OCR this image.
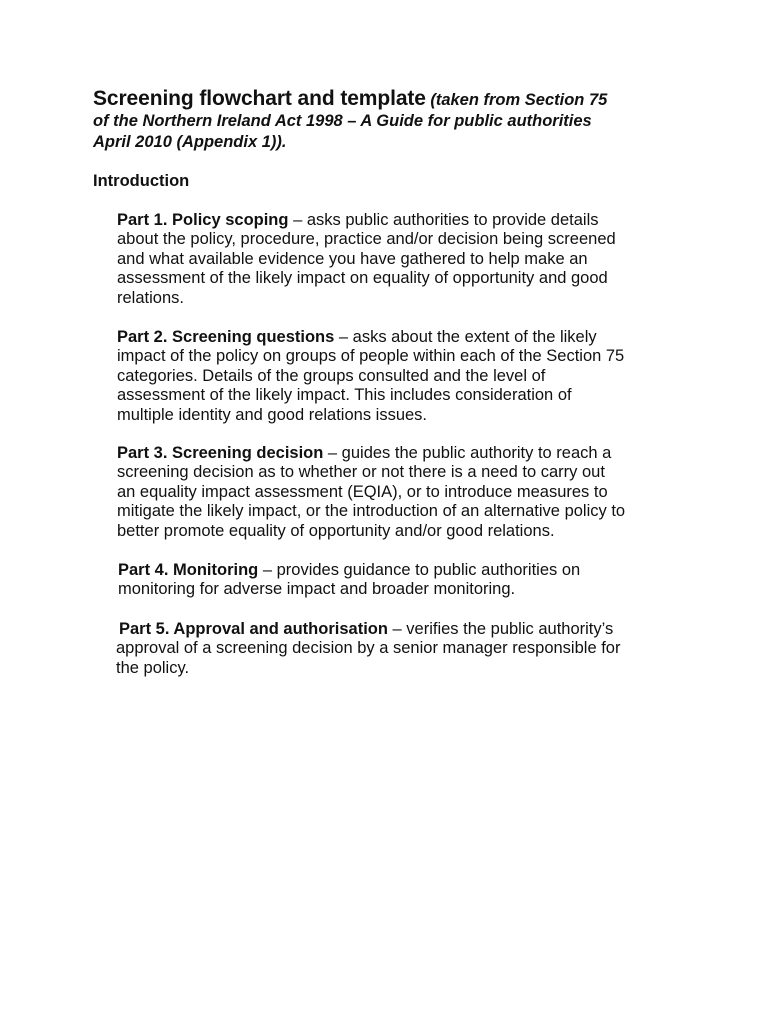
Screening flowchart and template (taken from Section 75
of the Northern Ireland Act 1998 – A Guide for public authorities
April 2010 (Appendix 1)).
Introduction
Part 1. Policy scoping – asks public authorities to provide details
about the policy, procedure, practice and/or decision being screened
and what available evidence you have gathered to help make an
assessment of the likely impact on equality of opportunity and good
relations.
Part 2. Screening questions – asks about the extent of the likely
impact of the policy on groups of people within each of the Section 75
categories. Details of the groups consulted and the level of
assessment of the likely impact. This includes consideration of
multiple identity and good relations issues.
Part 3. Screening decision – guides the public authority to reach a
screening decision as to whether or not there is a need to carry out
an equality impact assessment (EQIA), or to introduce measures to
mitigate the likely impact, or the introduction of an alternative policy to
better promote equality of opportunity and/or good relations.
Part 4. Monitoring – provides guidance to public authorities on
monitoring for adverse impact and broader monitoring.
Part 5. Approval and authorisation – verifies the public authority’s
approval of a screening decision by a senior manager responsible for
the policy.
